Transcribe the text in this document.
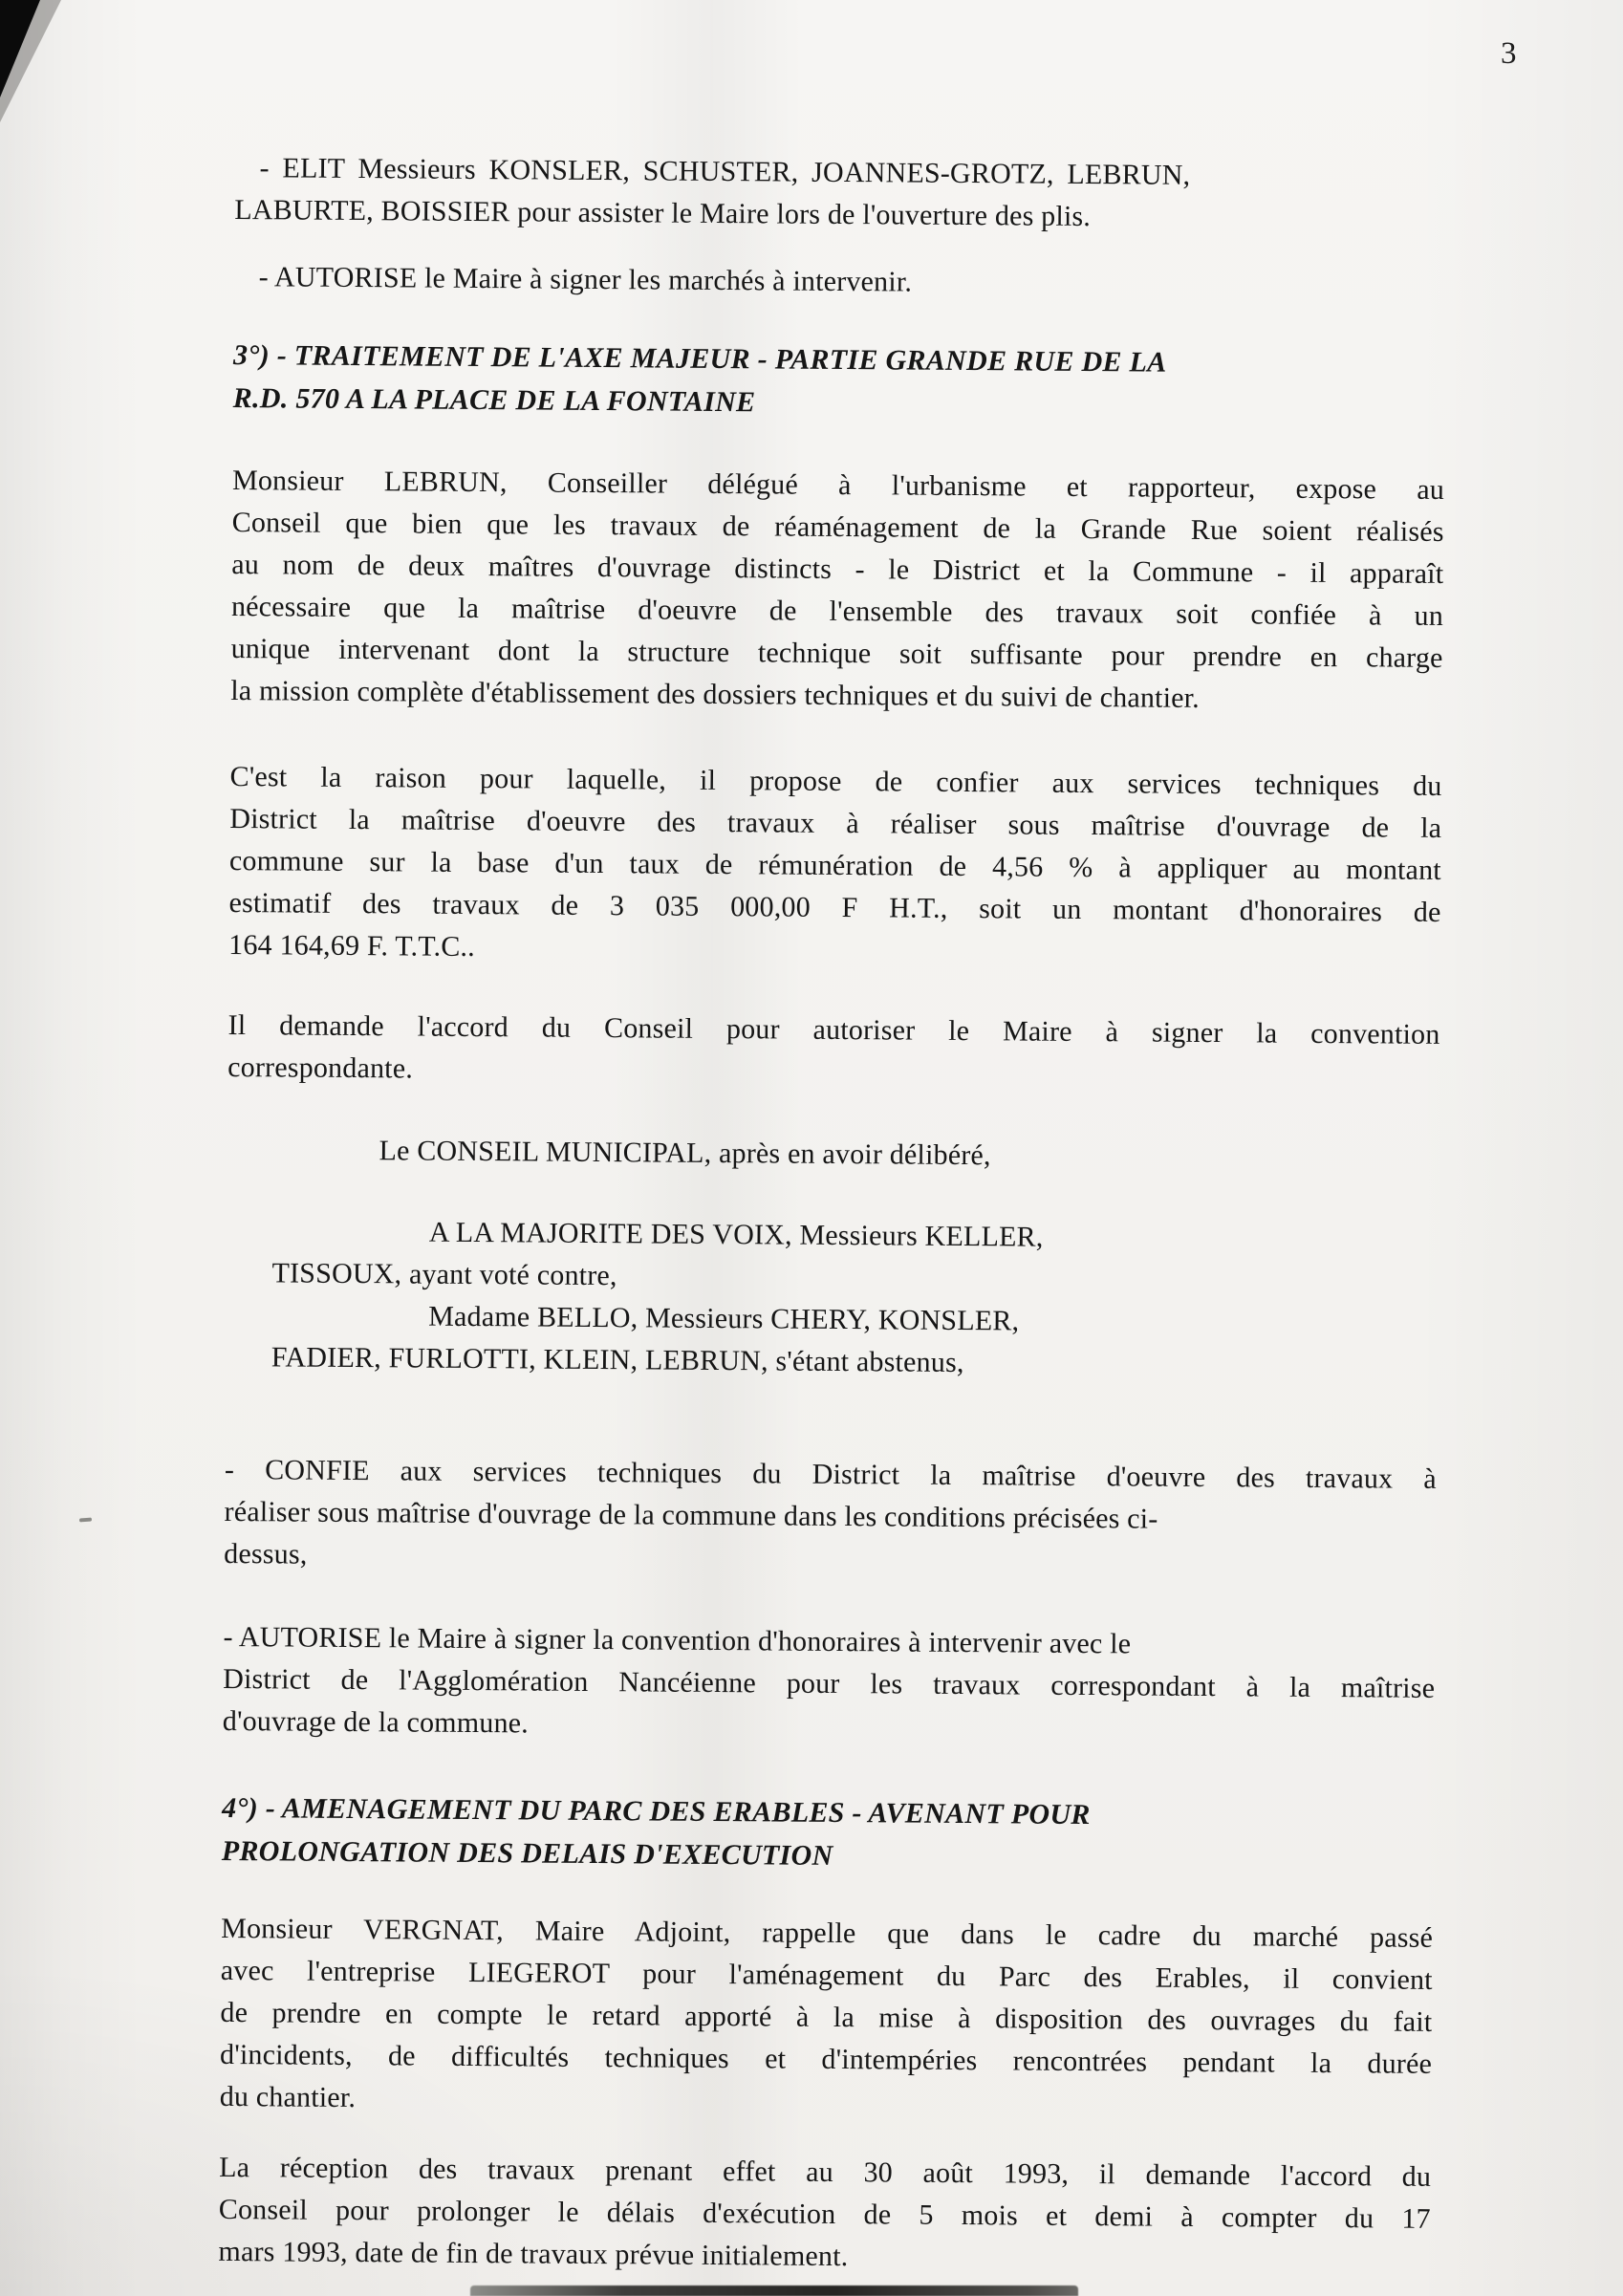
3
- ELIT Messieurs KONSLER, SCHUSTER, JOANNES-GROTZ, LEBRUN,
LABURTE, BOISSIER pour assister le Maire lors de l'ouverture des plis.
- AUTORISE le Maire à signer les marchés à intervenir.
3°) - TRAITEMENT DE L'AXE MAJEUR - PARTIE GRANDE RUE DE LA
R.D. 570 A LA PLACE DE LA FONTAINE
Monsieur LEBRUN, Conseiller délégué à l'urbanisme et rapporteur, expose au
Conseil que bien que les travaux de réaménagement de la Grande Rue soient réalisés
au nom de deux maîtres d'ouvrage distincts - le District et la Commune - il apparaît
nécessaire que la maîtrise d'oeuvre de l'ensemble des travaux soit confiée à un
unique intervenant dont la structure technique soit suffisante pour prendre en charge
la mission complète d'établissement des dossiers techniques et du suivi de chantier.
C'est la raison pour laquelle, il propose de confier aux services techniques du
District la maîtrise d'oeuvre des travaux à réaliser sous maîtrise d'ouvrage de la
commune sur la base d'un taux de rémunération de 4,56 % à appliquer au montant
estimatif des travaux de 3 035 000,00 F H.T., soit un montant d'honoraires de
164 164,69 F. T.T.C..
Il demande l'accord du Conseil pour autoriser le Maire à signer la convention
correspondante.
Le CONSEIL MUNICIPAL, après en avoir délibéré,
A LA MAJORITE DES VOIX, Messieurs KELLER,
TISSOUX, ayant voté contre,
Madame BELLO, Messieurs CHERY, KONSLER,
FADIER, FURLOTTI, KLEIN, LEBRUN, s'étant abstenus,
- CONFIE aux services techniques du District la maîtrise d'oeuvre des travaux à
réaliser sous maîtrise d'ouvrage de la commune dans les conditions précisées ci-
dessus,
- AUTORISE le Maire à signer la convention d'honoraires à intervenir avec le
District de l'Agglomération Nancéienne pour les travaux correspondant à la maîtrise
d'ouvrage de la commune.
4°) - AMENAGEMENT DU PARC DES ERABLES - AVENANT POUR
PROLONGATION DES DELAIS D'EXECUTION
Monsieur VERGNAT, Maire Adjoint, rappelle que dans le cadre du marché passé
avec l'entreprise LIEGEROT pour l'aménagement du Parc des Erables, il convient
de prendre en compte le retard apporté à la mise à disposition des ouvrages du fait
d'incidents, de difficultés techniques et d'intempéries rencontrées pendant la durée
du chantier.
La réception des travaux prenant effet au 30 août 1993, il demande l'accord du
Conseil pour prolonger le délais d'exécution de 5 mois et demi à compter du 17
mars 1993, date de fin de travaux prévue initialement.
